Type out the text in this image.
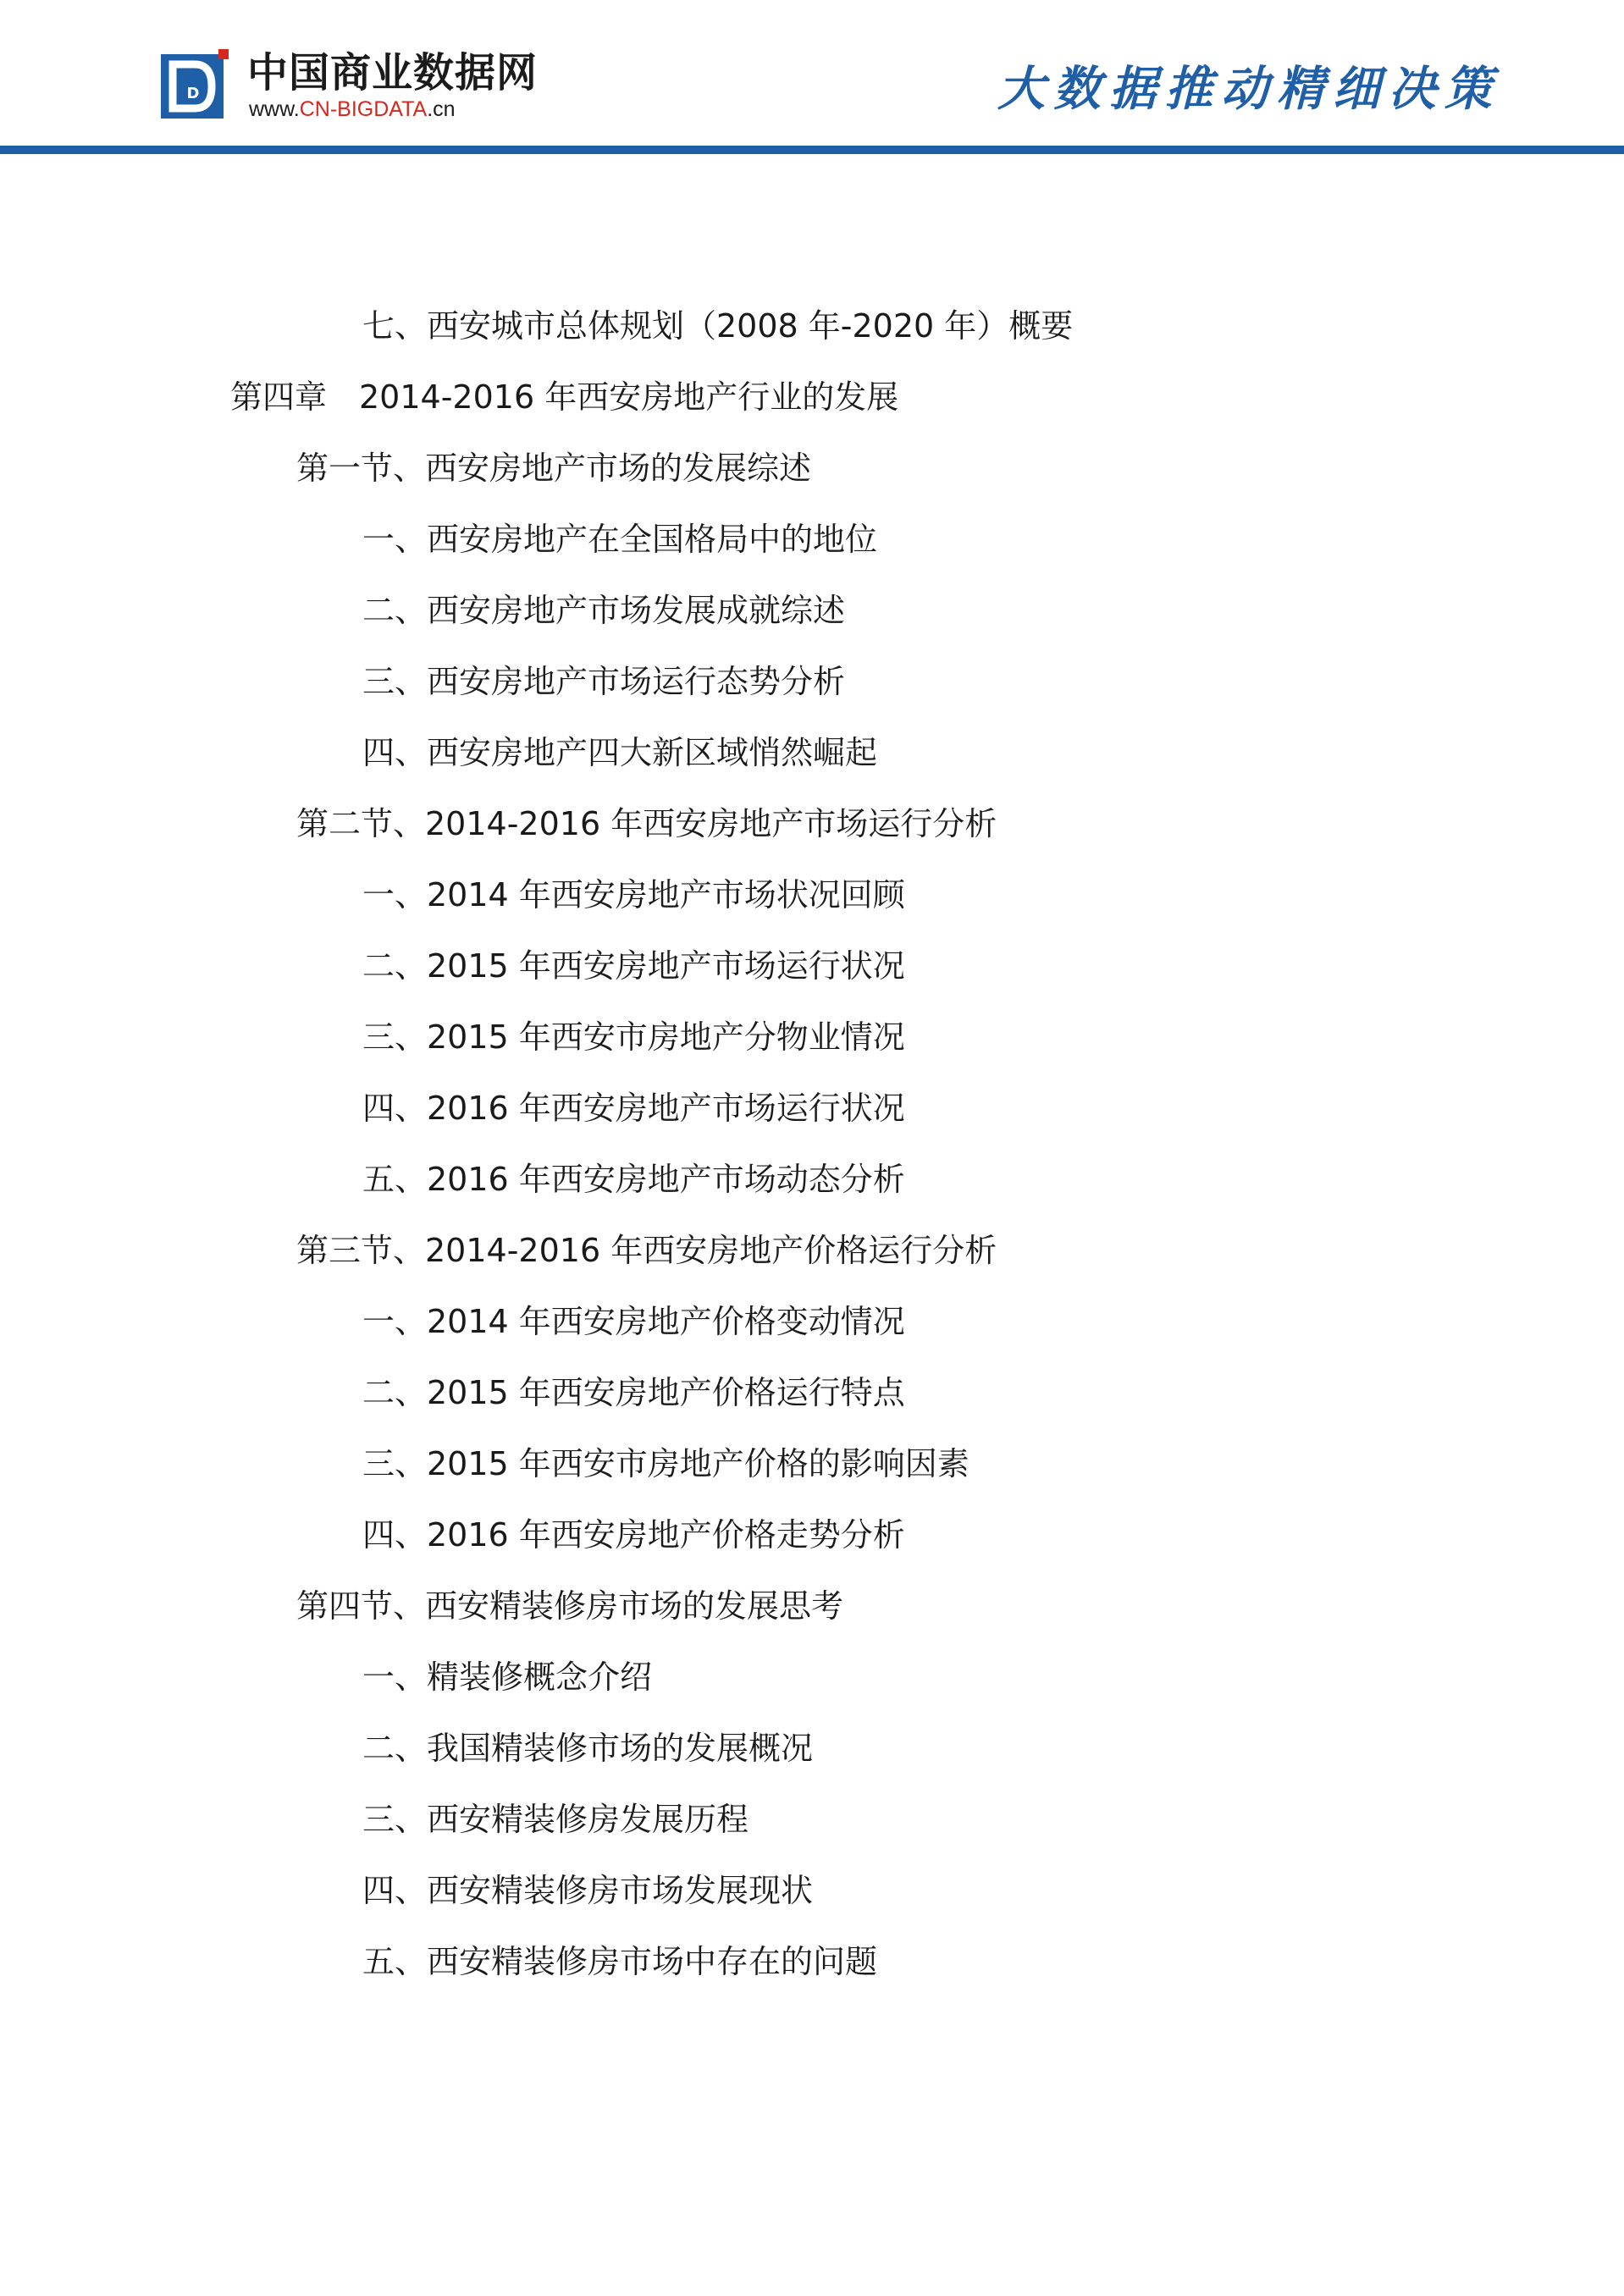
D 中国商业数据网
www.CN-BIGDATA.cn	大数据推动精细决策
七、西安城市总体规划（2008 年-2020 年）概要
第四章　2014-2016 年西安房地产行业的发展
第一节、西安房地产市场的发展综述
一、西安房地产在全国格局中的地位
二、西安房地产市场发展成就综述
三、西安房地产市场运行态势分析
四、西安房地产四大新区域悄然崛起
第二节、2014-2016 年西安房地产市场运行分析
一、2014 年西安房地产市场状况回顾
二、2015 年西安房地产市场运行状况
三、2015 年西安市房地产分物业情况
四、2016 年西安房地产市场运行状况
五、2016 年西安房地产市场动态分析
第三节、2014-2016 年西安房地产价格运行分析
一、2014 年西安房地产价格变动情况
二、2015 年西安房地产价格运行特点
三、2015 年西安市房地产价格的影响因素
四、2016 年西安房地产价格走势分析
第四节、西安精装修房市场的发展思考
一、精装修概念介绍
二、我国精装修市场的发展概况
三、西安精装修房发展历程
四、西安精装修房市场发展现状
五、西安精装修房市场中存在的问题
